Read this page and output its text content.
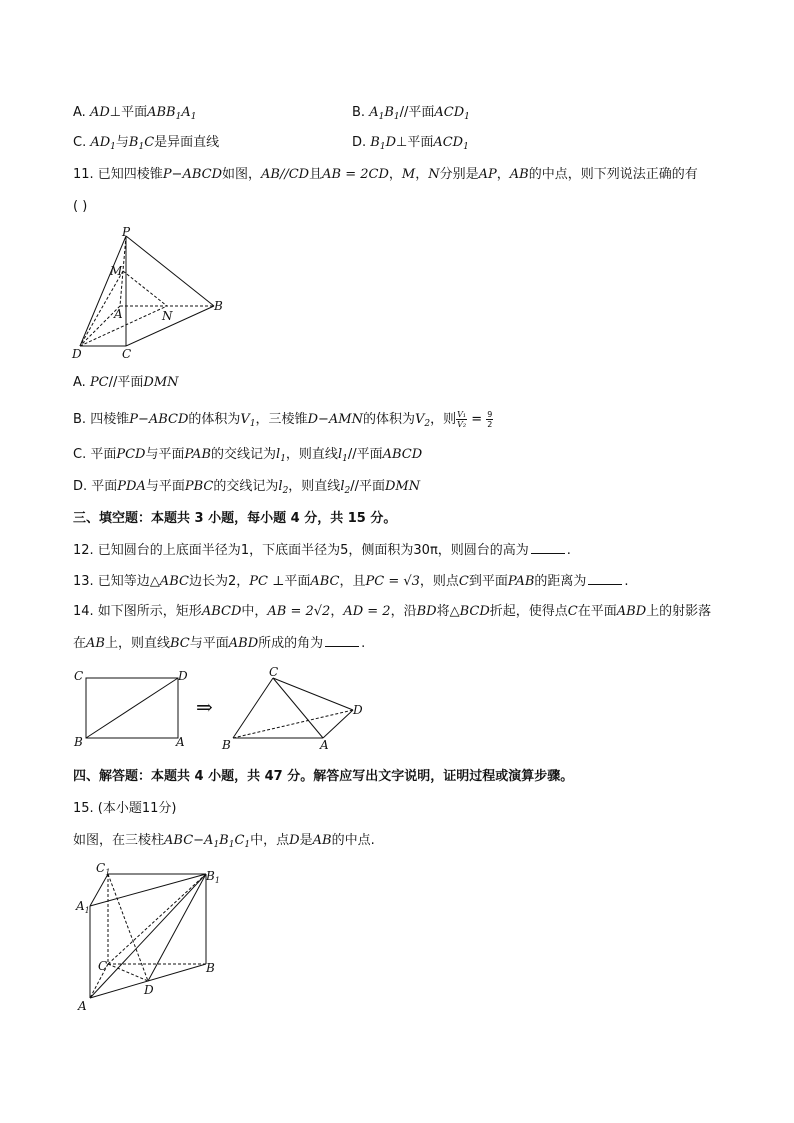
A. AD⊥平面$ABB_1A_1$	B. $A_1B_1//$平面$ACD_1$
C. $AD_1$与$B_1C$是异面直线	D. $B_1D\perp$平面$ACD_1$
11. 已知四棱锥P−ABCD如图，AB//CD且AB = 2CD，M，N分别是AP，AB的中点，则下列说法正确的有
( )
P
M
A	N
B
D	C
A. PC//平面DMN
B. 四棱锥P−ABCD的体积为$V_1$，三棱锥D−AMN的体积为$V_2$，则 $\frac{\text{V₁}}{\text{V₂}} = \frac{9}{2}$
C. 平面PCD与平面PAB的交线记为$l_1$，则直线$l_1//$平面ABCD
D. 平面PDA与平面PBC的交线记为$l_2$，则直线$l_2//$平面DMN
三、填空题：本题共 3 小题，每小题 4 分，共 15 分。
12. 已知圆台的上底面半径为1，下底面半径为5，侧面积为30π，则圆台的高为	.
13. 已知等边△ABC边长为2，PC ⊥平面ABC，且PC = √3，则点C到平面PAB的距离为	.
14. 如下图所示，矩形ABCD中，AB = 2√2，AD = 2，沿BD将△BCD折起，使得点C在平面ABD上的射影落
在AB上，则直线BC与平面ABD所成的角为	.
C	D
B	A
⇒
C
D
B	A
四、解答题：本题共 4 小题，共 47 分。解答应写出文字说明，证明过程或演算步骤。
15. (本小题11分)
如图，在三棱柱$ABC-A_1B_1C_1$中，点D是AB的中点.
$C_1$	$B_1$
$A_1$
C	B
D
A
